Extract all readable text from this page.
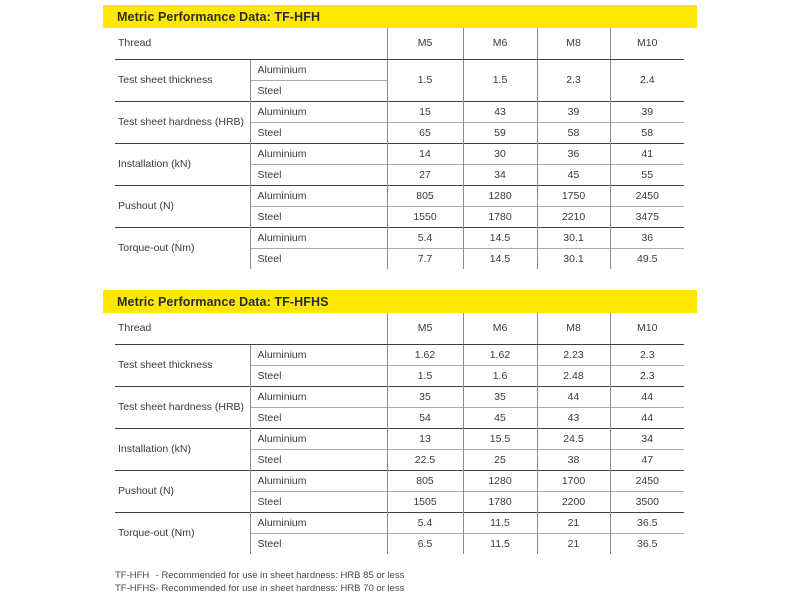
Metric Performance Data: TF-HFH
Thread		M5	M6	M8	M10
Test sheet thickness	Aluminium	1.5	1.5	2.3	2.4
	Steel				
Test sheet hardness (HRB)	Aluminium	15	43	39	39
	Steel	65	59	58	58
Installation (kN)	Aluminium	14	30	36	41
	Steel	27	34	45	55
Pushout (N)	Aluminium	805	1280	1750	2450
	Steel	1550	1780	2210	3475
Torque-out (Nm)	Aluminium	5.4	14.5	30.1	36
	Steel	7.7	14.5	30.1	49.5
Metric Performance Data: TF-HFHS
Thread		M5	M6	M8	M10
Test sheet thickness	Aluminium	1.62	1.62	2.23	2.3
	Steel	1.5	1.6	2.48	2.3
Test sheet hardness (HRB)	Aluminium	35	35	44	44
	Steel	54	45	43	44
Installation (kN)	Aluminium	13	15.5	24.5	34
	Steel	22.5	25	38	47
Pushout (N)	Aluminium	805	1280	1700	2450
	Steel	1505	1780	2200	3500
Torque-out (Nm)	Aluminium	5.4	11.5	21	36.5
	Steel	6.5	11.5	21	36.5
TF-HFH - Recommended for use in sheet hardness: HRB 85 or less
TF-HFHS - Recommended for use in sheet hardness: HRB 70 or less
